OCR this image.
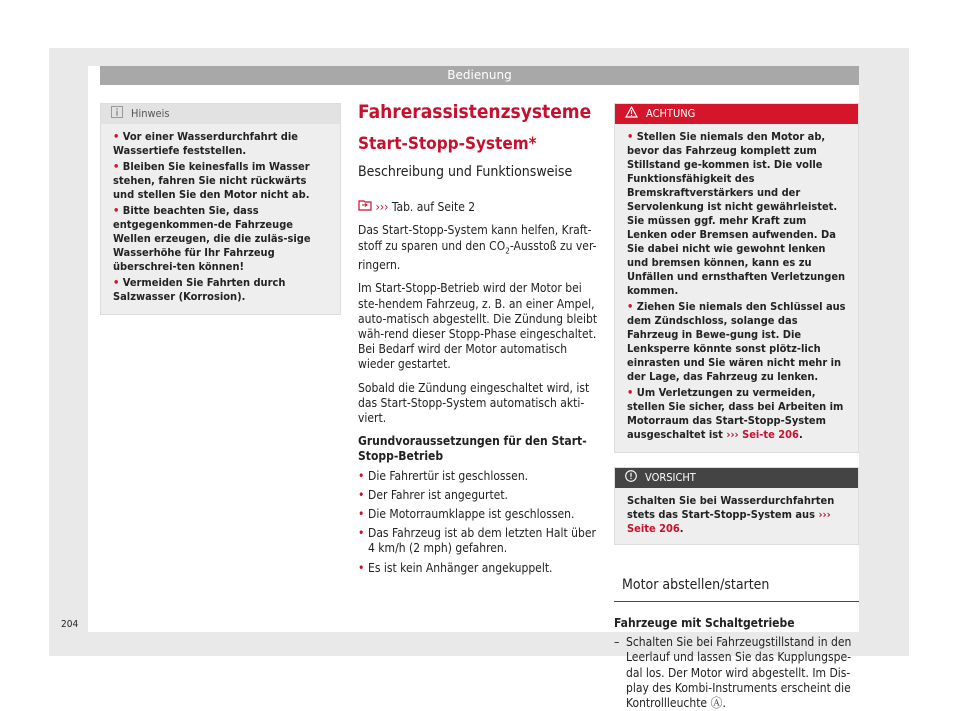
Bedienung
Hinweis
• Vor einer Wasserdurchfahrt die Wassertiefe feststellen.
• Bleiben Sie keinesfalls im Wasser stehen, fahren Sie nicht rückwärts und stellen Sie den Motor nicht ab.
• Bitte beachten Sie, dass entgegenkommen-de Fahrzeuge Wellen erzeugen, die die zuläs-sige Wasserhöhe für Ihr Fahrzeug überschrei-ten können!
• Vermeiden Sie Fahrten durch Salzwasser (Korrosion).
Fahrerassistenzsysteme
Start-Stopp-System*
Beschreibung und Funktionsweise
››› Tab. auf Seite 2
Das Start-Stopp-System kann helfen, Kraft-stoff zu sparen und den $CO_2$-Ausstoß zu ver-ringern.
Im Start-Stopp-Betrieb wird der Motor bei ste-hendem Fahrzeug, z. B. an einer Ampel, auto-matisch abgestellt. Die Zündung bleibt wäh-rend dieser Stopp-Phase eingeschaltet. Bei Bedarf wird der Motor automatisch wieder gestartet.
Sobald die Zündung eingeschaltet wird, ist das Start-Stopp-System automatisch akti-viert.
Grundvoraussetzungen für den Start-Stopp-Betrieb
• Die Fahrertür ist geschlossen.
• Der Fahrer ist angegurtet.
• Die Motorraumklappe ist geschlossen.
• Das Fahrzeug ist ab dem letzten Halt über 4 km/h (2 mph) gefahren.
• Es ist kein Anhänger angekuppelt.
ACHTUNG
• Stellen Sie niemals den Motor ab, bevor das Fahrzeug komplett zum Stillstand ge-kommen ist. Die volle Funktionsfähigkeit des Bremskraftverstärkers und der Servolenkung ist nicht gewährleistet. Sie müssen ggf. mehr Kraft zum Lenken oder Bremsen aufwenden. Da Sie dabei nicht wie gewohnt lenken und bremsen können, kann es zu Unfällen und ernsthaften Verletzungen kommen.
• Ziehen Sie niemals den Schlüssel aus dem Zündschloss, solange das Fahrzeug in Bewe-gung ist. Die Lenksperre könnte sonst plötz-lich einrasten und Sie wären nicht mehr in der Lage, das Fahrzeug zu lenken.
• Um Verletzungen zu vermeiden, stellen Sie sicher, dass bei Arbeiten im Motorraum das Start-Stopp-System ausgeschaltet ist ››› Sei-te 206.
VORSICHT
Schalten Sie bei Wasserdurchfahrten stets das Start-Stopp-System aus ››› Seite 206.
Motor abstellen/starten
Fahrzeuge mit Schaltgetriebe
– Schalten Sie bei Fahrzeugstillstand in den Leerlauf und lassen Sie das Kupplungspe-dal los. Der Motor wird abgestellt. Im Dis-play des Kombi-Instruments erscheint die Kontrollleuchte Ⓐ.
204
